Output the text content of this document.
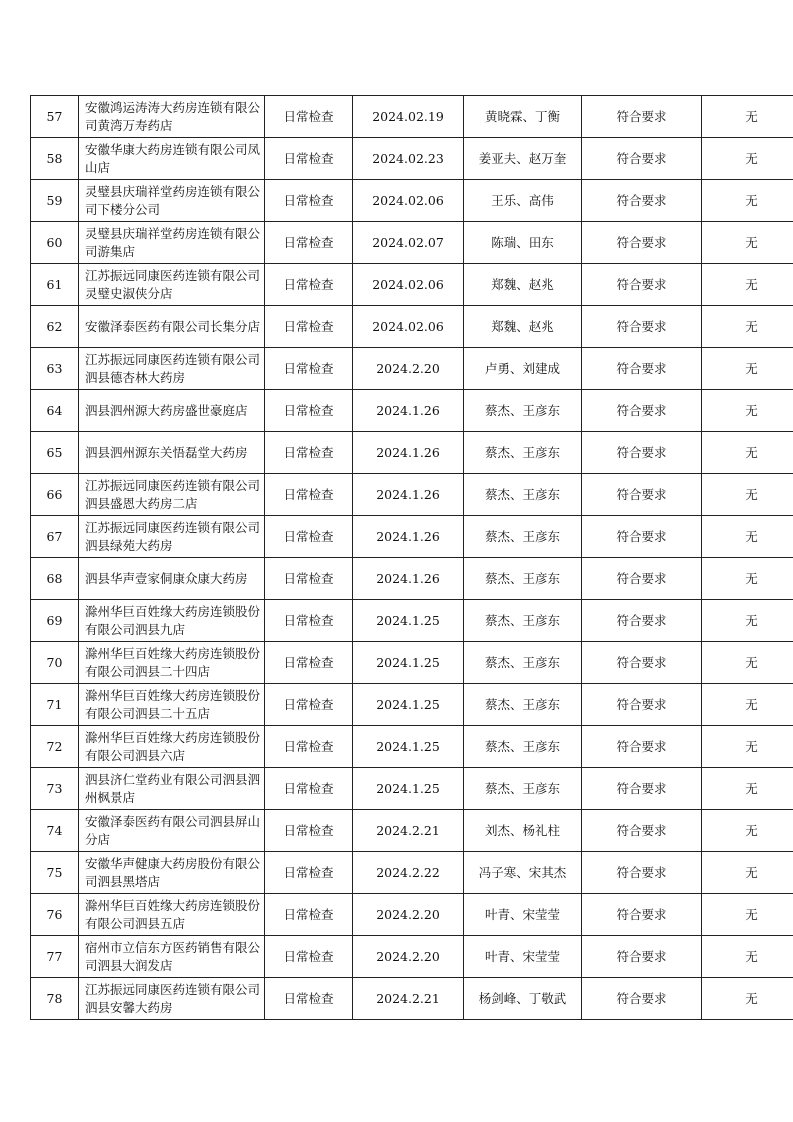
57	安徽鸿运涛涛大药房连锁有限公司黄湾万寿药店	日常检查	2024.02.19	黄晓霖、丁衡	符合要求	无
58	安徽华康大药房连锁有限公司凤山店	日常检查	2024.02.23	姜亚夫、赵万奎	符合要求	无
59	灵璧县庆瑞祥堂药房连锁有限公司下楼分公司	日常检查	2024.02.06	王乐、高伟	符合要求	无
60	灵璧县庆瑞祥堂药房连锁有限公司游集店	日常检查	2024.02.07	陈瑞、田东	符合要求	无
61	江苏振远同康医药连锁有限公司灵璧史淑侠分店	日常检查	2024.02.06	郑魏、赵兆	符合要求	无
62	安徽泽泰医药有限公司长集分店	日常检查	2024.02.06	郑魏、赵兆	符合要求	无
63	江苏振远同康医药连锁有限公司泗县德杏林大药房	日常检查	2024.2.20	卢勇、刘建成	符合要求	无
64	泗县泗州源大药房盛世豪庭店	日常检查	2024.1.26	蔡杰、王彦东	符合要求	无
65	泗县泗州源东关悟磊堂大药房	日常检查	2024.1.26	蔡杰、王彦东	符合要求	无
66	江苏振远同康医药连锁有限公司泗县盛恩大药房二店	日常检查	2024.1.26	蔡杰、王彦东	符合要求	无
67	江苏振远同康医药连锁有限公司泗县绿苑大药房	日常检查	2024.1.26	蔡杰、王彦东	符合要求	无
68	泗县华声壹家侗康众康大药房	日常检查	2024.1.26	蔡杰、王彦东	符合要求	无
69	滁州华巨百姓缘大药房连锁股份有限公司泗县九店	日常检查	2024.1.25	蔡杰、王彦东	符合要求	无
70	滁州华巨百姓缘大药房连锁股份有限公司泗县二十四店	日常检查	2024.1.25	蔡杰、王彦东	符合要求	无
71	滁州华巨百姓缘大药房连锁股份有限公司泗县二十五店	日常检查	2024.1.25	蔡杰、王彦东	符合要求	无
72	滁州华巨百姓缘大药房连锁股份有限公司泗县六店	日常检查	2024.1.25	蔡杰、王彦东	符合要求	无
73	泗县济仁堂药业有限公司泗县泗州枫景店	日常检查	2024.1.25	蔡杰、王彦东	符合要求	无
74	安徽泽泰医药有限公司泗县屏山分店	日常检查	2024.2.21	刘杰、杨礼柱	符合要求	无
75	安徽华声健康大药房股份有限公司泗县黑塔店	日常检查	2024.2.22	冯子寒、宋其杰	符合要求	无
76	滁州华巨百姓缘大药房连锁股份有限公司泗县五店	日常检查	2024.2.20	叶青、宋莹莹	符合要求	无
77	宿州市立信东方医药销售有限公司泗县大润发店	日常检查	2024.2.20	叶青、宋莹莹	符合要求	无
78	江苏振远同康医药连锁有限公司泗县安馨大药房	日常检查	2024.2.21	杨剑峰、丁敬武	符合要求	无
